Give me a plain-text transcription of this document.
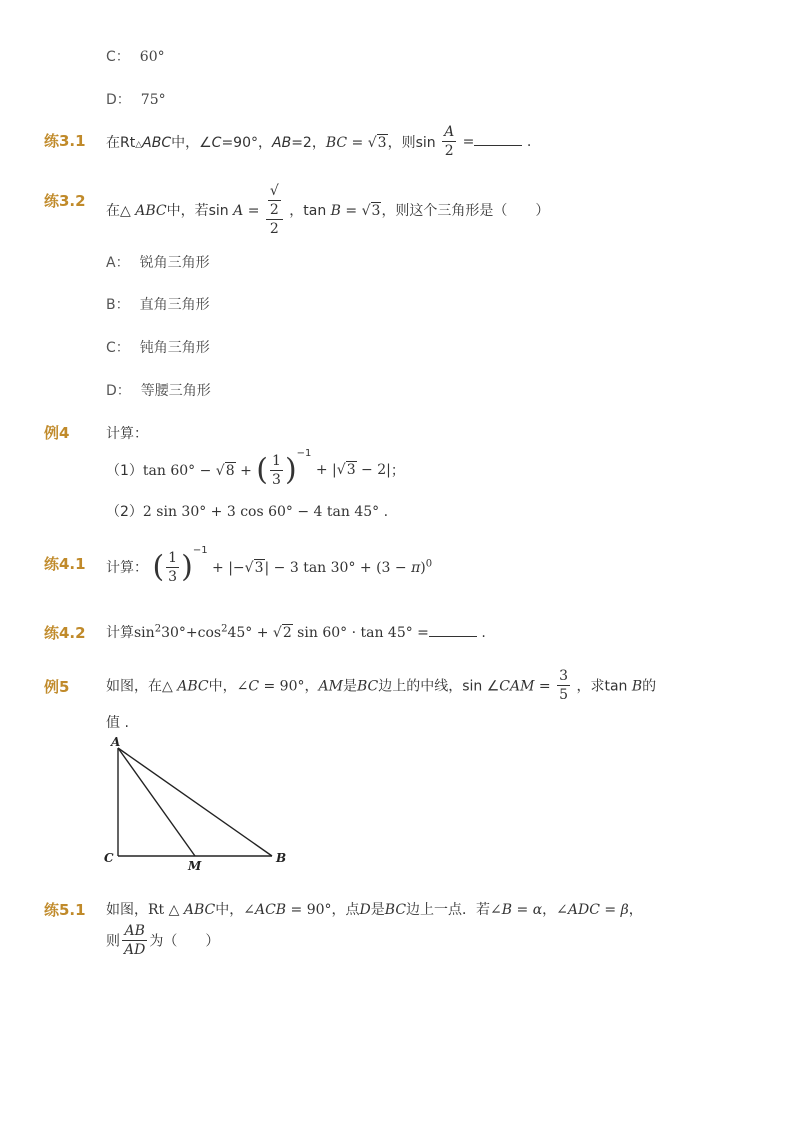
C： 60°
D： 75°
练3.1 在Rt△ABC中，∠C=90°，AB=2，BC = √3，则$\sin \frac{A}{2}$ =	.
练3.2
在△ ABC中，若sin A = √
2
2 ，tan B = √3，则这个三角形是（　　）
A： 锐角三角形
B： 直角三角形
C： 钝角三角形
D： 等腰三角形
例4	计算：
（1）tan 60° − √8 + ( $\frac{1}{3} )^{-1} + |√3 - 2|$；
（2）2 sin 30° + 3 cos 60° − 4 tan 45° .
练4.1 计算： ( $\frac{1}{3} )^{-1} + |-√3| - 3$ $\tan 30^\circ + (3 - \pi)^0$
练4.2 计算$\sin^230^\circ+\cos^245^\circ + √2$ sin 60° · tan 45° =	.
例5	如图，在△ ABC中，∠C = 90°，AM是BC边上的中线，sin ∠CAM = $\frac{3}{5}$ ，求tan B的
值 .
A
C
M
B
练5.1 如图，Rt △ ABC中，∠ACB = 90°，点D是BC边上一点．若∠B = α，∠ADC = β，
则 $\frac{AB}{AD}$ 为（　　）
